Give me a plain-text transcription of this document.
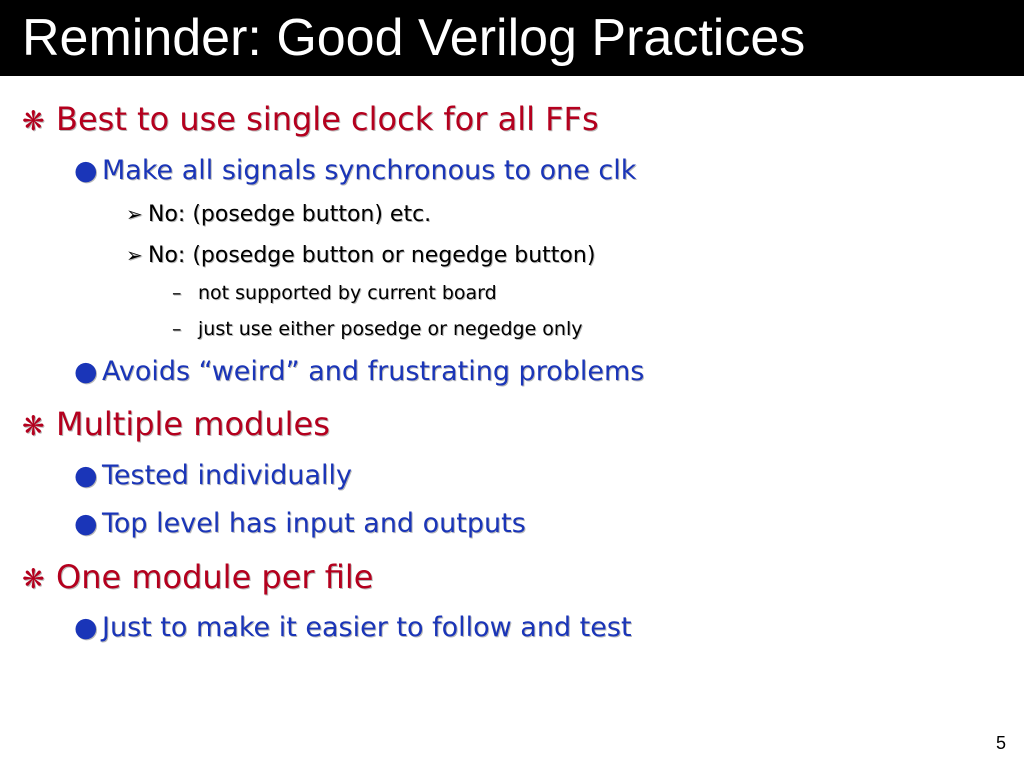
Reminder: Good Verilog Practices
❋ Best to use single clock for all FFs
● Make all signals synchronous to one clk
➢ No: (posedge button) etc.
➢ No: (posedge button or negedge button)
– not supported by current board
– just use either posedge or negedge only
● Avoids “weird” and frustrating problems
❋ Multiple modules
● Tested individually
● Top level has input and outputs
❋ One module per file
● Just to make it easier to follow and test
5
